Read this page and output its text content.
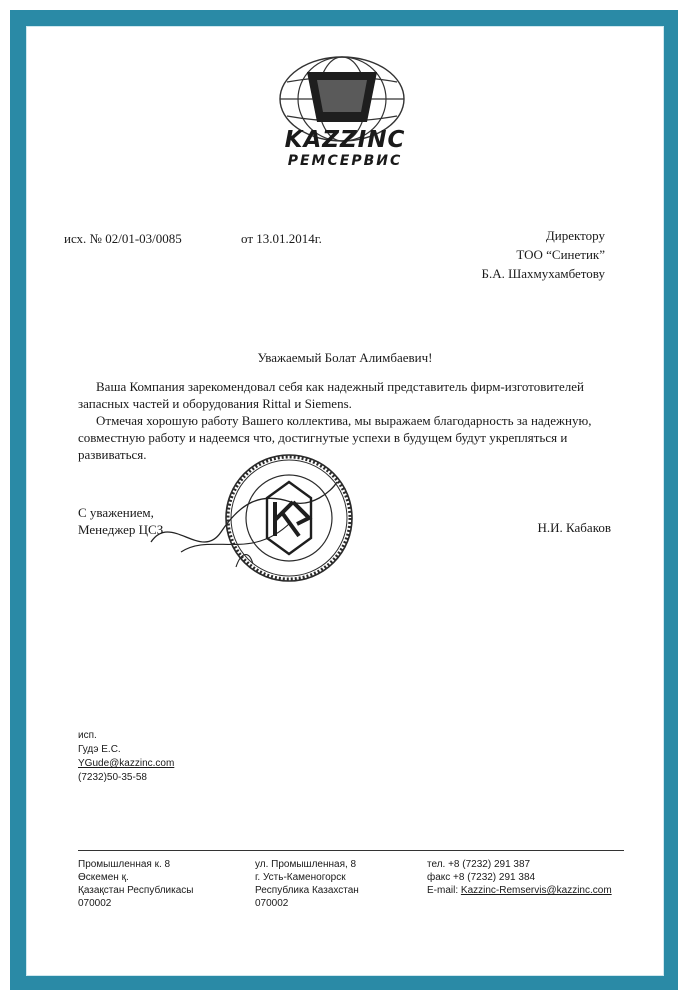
KAZZINC
РЕМСЕРВИС
исх. № 02/01-03/0085	от 13.01.2014г.	Директору
ТОО “Синетик”
Б.А. Шахмухамбетову
Уважаемый Болат Алимбаевич!

Ваша Компания зарекомендовал себя как надежный представитель фирм-изготовителей запасных частей и оборудования Rittal и Siemens.

Отмечая хорошую работу Вашего коллектива, мы выражаем благодарность за надежную, совместную работу и надеемся что, достигнутые успехи в будущем будут укрепляться и развиваться.

С уважением,
Менеджер ЦСЗ	Н.И. Кабаков
исп.
Гудэ Е.С.
YGude@kazzinc.com
(7232)50-35-58
Промышленная к. 8
Өскемен қ.
Қазақстан Республикасы
070002
ул. Промышленная, 8
г. Усть-Каменогорск
Республика Казахстан
070002
тел. +8 (7232) 291 387
факс +8 (7232) 291 384
E-mail: Kazzinc-Remservis@kazzinc.com
